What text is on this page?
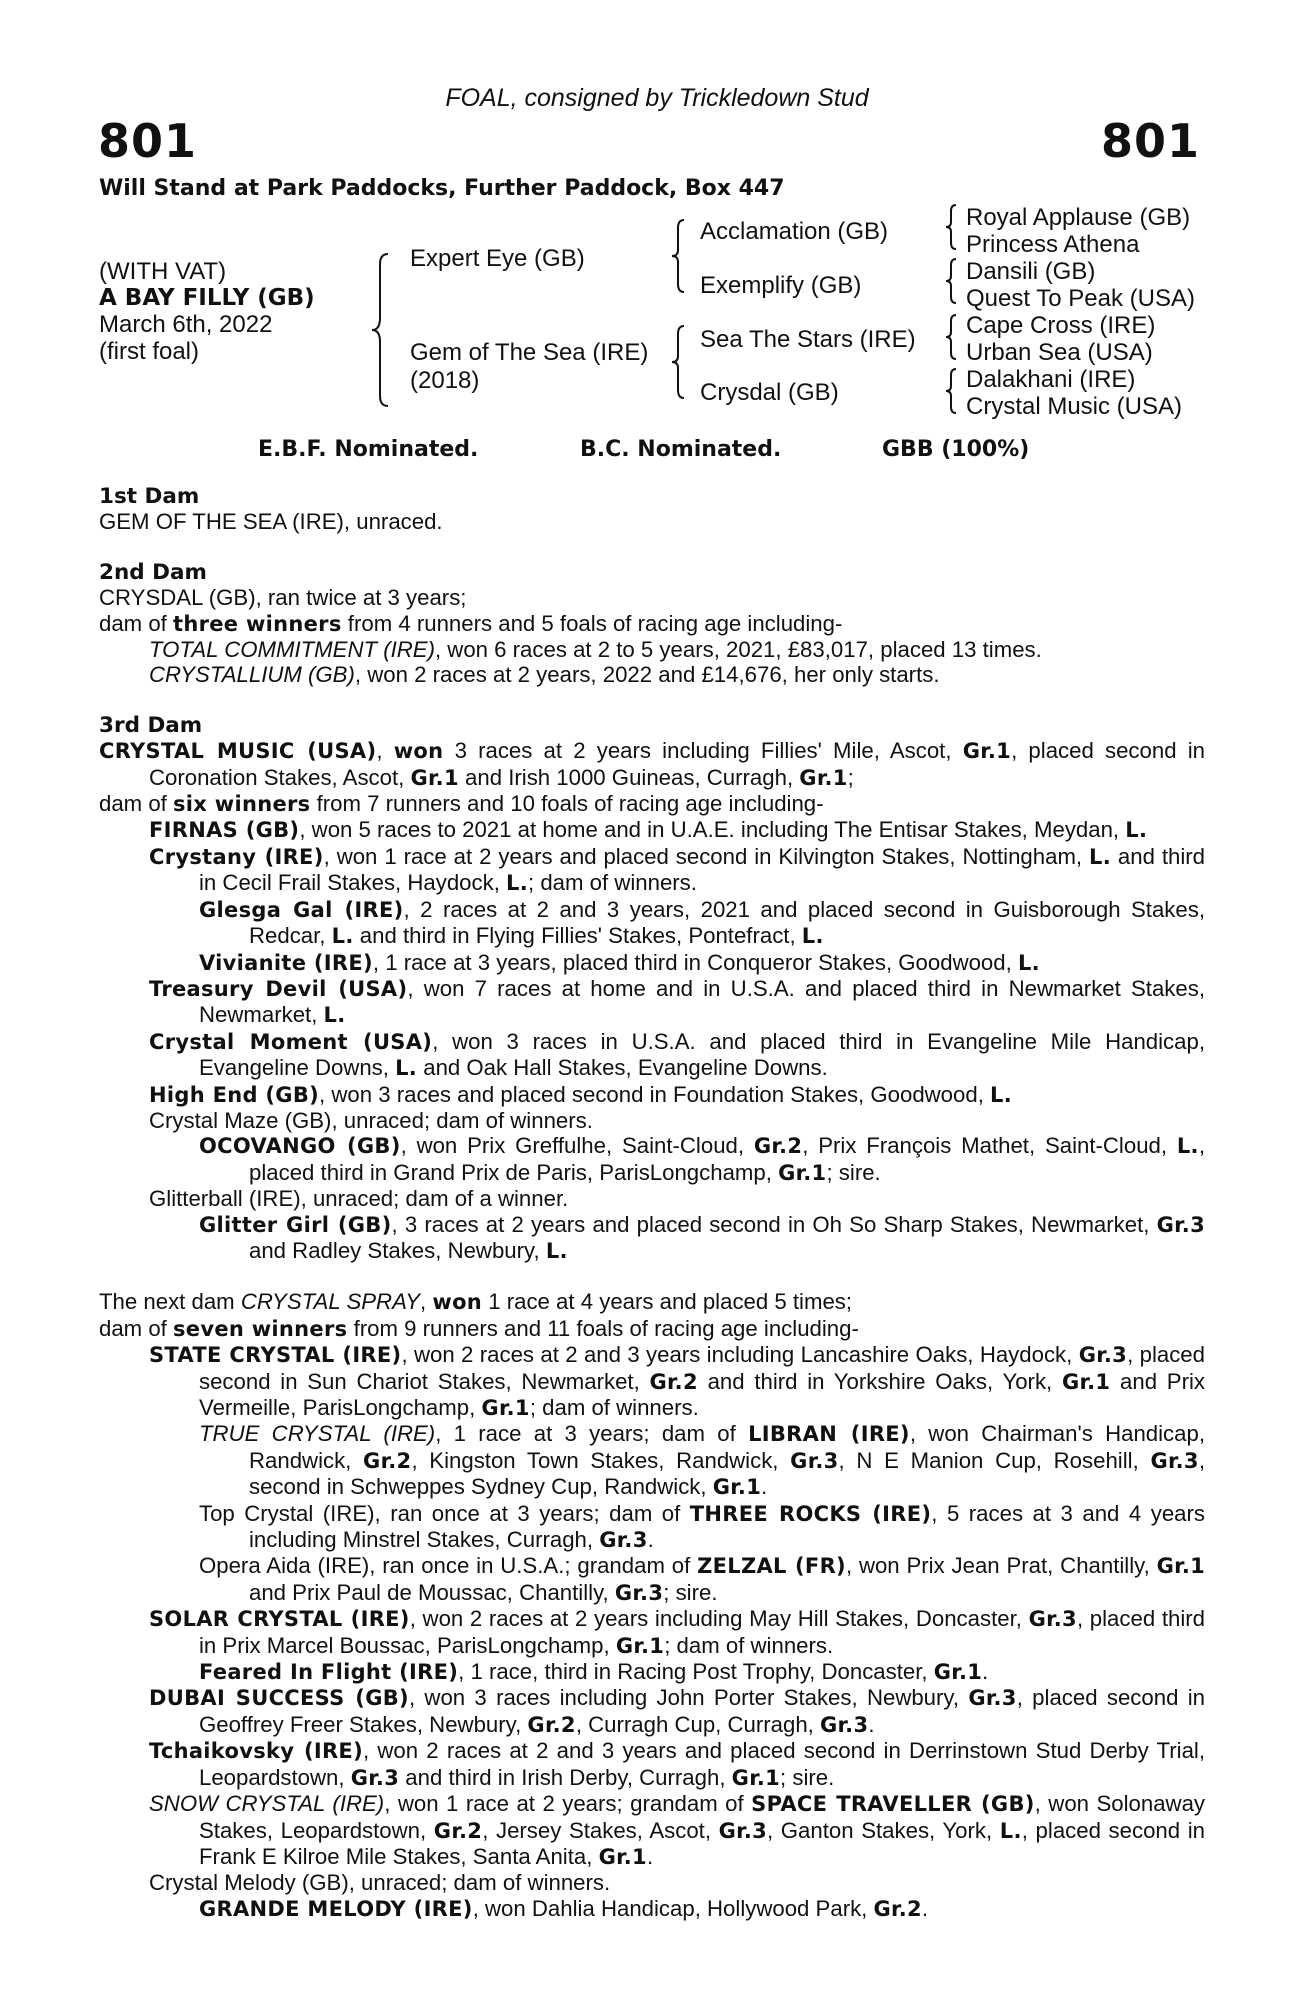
FOAL, consigned by Trickledown Stud
801	801
Will Stand at Park Paddocks, Further Paddock, Box 447
(WITH VAT)
A BAY FILLY (GB)
March 6th, 2022
(first foal)
Expert Eye (GB)
Gem of The Sea (IRE)
(2018)
Acclamation (GB)
Exemplify (GB)
Sea The Stars (IRE)
Crysdal (GB)
Royal Applause (GB)
Princess Athena
Dansili (GB)
Quest To Peak (USA)
Cape Cross (IRE)
Urban Sea (USA)
Dalakhani (IRE)
Crystal Music (USA)
E.B.F. Nominated.	B.C. Nominated.	GBB (100%)

1st Dam

GEM OF THE SEA (IRE), unraced.

2nd Dam

CRYSDAL (GB), ran twice at 3 years;

dam of three winners from 4 runners and 5 foals of racing age including-

TOTAL COMMITMENT (IRE), won 6 races at 2 to 5 years, 2021, £83,017, placed 13 times.

CRYSTALLIUM (GB), won 2 races at 2 years, 2022 and £14,676, her only starts.

3rd Dam

CRYSTAL MUSIC (USA), won 3 races at 2 years including Fillies' Mile, Ascot, Gr.1, placed second in Coronation Stakes, Ascot, Gr.1 and Irish 1000 Guineas, Curragh, Gr.1;

dam of six winners from 7 runners and 10 foals of racing age including-

FIRNAS (GB), won 5 races to 2021 at home and in U.A.E. including The Entisar Stakes, Meydan, L.

Crystany (IRE), won 1 race at 2 years and placed second in Kilvington Stakes, Nottingham, L. and third in Cecil Frail Stakes, Haydock, L.; dam of winners.

Glesga Gal (IRE), 2 races at 2 and 3 years, 2021 and placed second in Guisborough Stakes, Redcar, L. and third in Flying Fillies' Stakes, Pontefract, L.

Vivianite (IRE), 1 race at 3 years, placed third in Conqueror Stakes, Goodwood, L.

Treasury Devil (USA), won 7 races at home and in U.S.A. and placed third in Newmarket Stakes, Newmarket, L.

Crystal Moment (USA), won 3 races in U.S.A. and placed third in Evangeline Mile Handicap, Evangeline Downs, L. and Oak Hall Stakes, Evangeline Downs.

High End (GB), won 3 races and placed second in Foundation Stakes, Goodwood, L.

Crystal Maze (GB), unraced; dam of winners.

OCOVANGO (GB), won Prix Greffulhe, Saint-Cloud, Gr.2, Prix François Mathet, Saint-Cloud, L., placed third in Grand Prix de Paris, ParisLongchamp, Gr.1; sire.

Glitterball (IRE), unraced; dam of a winner.

Glitter Girl (GB), 3 races at 2 years and placed second in Oh So Sharp Stakes, Newmarket, Gr.3 and Radley Stakes, Newbury, L.

The next dam CRYSTAL SPRAY, won 1 race at 4 years and placed 5 times;

dam of seven winners from 9 runners and 11 foals of racing age including-

STATE CRYSTAL (IRE), won 2 races at 2 and 3 years including Lancashire Oaks, Haydock, Gr.3, placed second in Sun Chariot Stakes, Newmarket, Gr.2 and third in Yorkshire Oaks, York, Gr.1 and Prix Vermeille, ParisLongchamp, Gr.1; dam of winners.

TRUE CRYSTAL (IRE), 1 race at 3 years; dam of LIBRAN (IRE), won Chairman's Handicap, Randwick, Gr.2, Kingston Town Stakes, Randwick, Gr.3, N E Manion Cup, Rosehill, Gr.3, second in Schweppes Sydney Cup, Randwick, Gr.1.

Top Crystal (IRE), ran once at 3 years; dam of THREE ROCKS (IRE), 5 races at 3 and 4 years including Minstrel Stakes, Curragh, Gr.3.

Opera Aida (IRE), ran once in U.S.A.; grandam of ZELZAL (FR), won Prix Jean Prat, Chantilly, Gr.1 and Prix Paul de Moussac, Chantilly, Gr.3; sire.

SOLAR CRYSTAL (IRE), won 2 races at 2 years including May Hill Stakes, Doncaster, Gr.3, placed third in Prix Marcel Boussac, ParisLongchamp, Gr.1; dam of winners.

Feared In Flight (IRE), 1 race, third in Racing Post Trophy, Doncaster, Gr.1.

DUBAI SUCCESS (GB), won 3 races including John Porter Stakes, Newbury, Gr.3, placed second in Geoffrey Freer Stakes, Newbury, Gr.2, Curragh Cup, Curragh, Gr.3.

Tchaikovsky (IRE), won 2 races at 2 and 3 years and placed second in Derrinstown Stud Derby Trial, Leopardstown, Gr.3 and third in Irish Derby, Curragh, Gr.1; sire.

SNOW CRYSTAL (IRE), won 1 race at 2 years; grandam of SPACE TRAVELLER (GB), won Solonaway Stakes, Leopardstown, Gr.2, Jersey Stakes, Ascot, Gr.3, Ganton Stakes, York, L., placed second in Frank E Kilroe Mile Stakes, Santa Anita, Gr.1.

Crystal Melody (GB), unraced; dam of winners.

GRANDE MELODY (IRE), won Dahlia Handicap, Hollywood Park, Gr.2.
